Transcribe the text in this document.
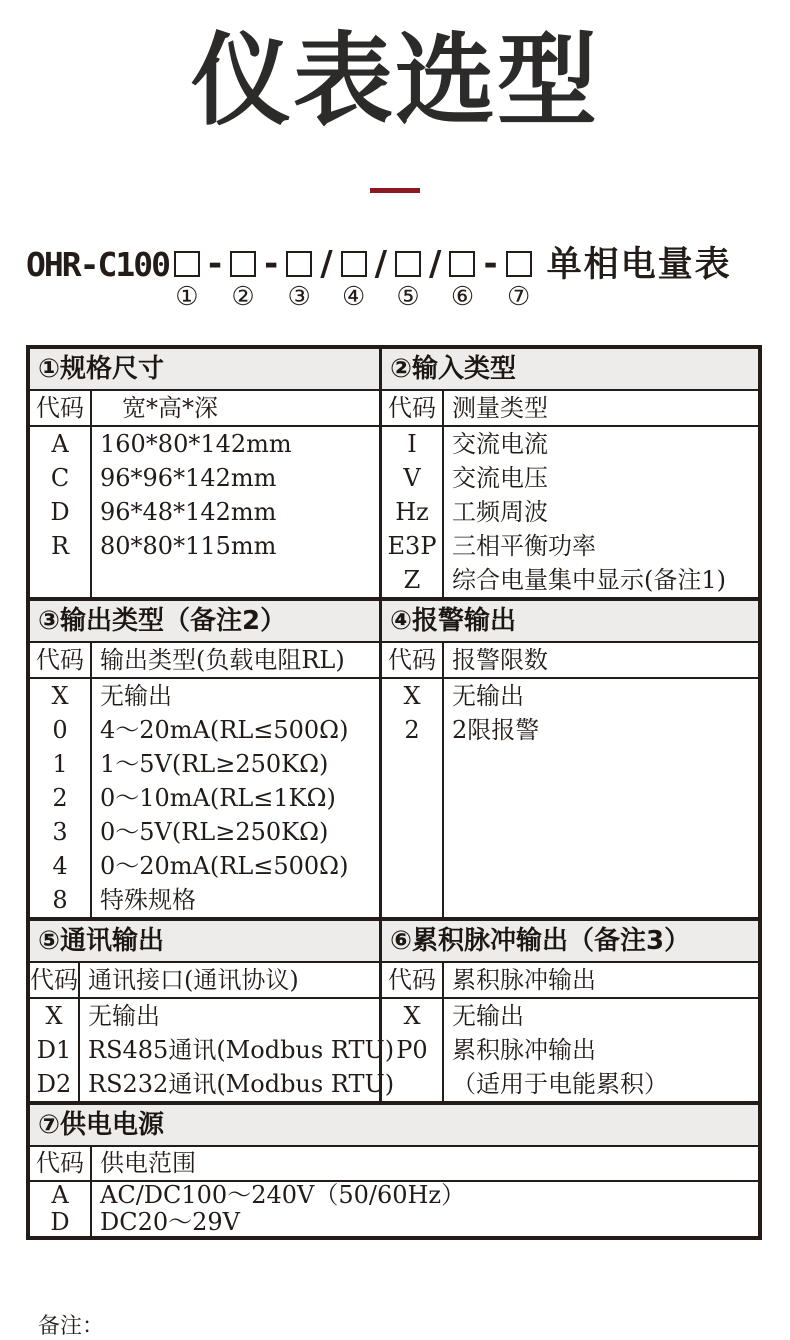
仪表选型
OHR-C100
①
-
②
-
③
/
④
/
⑤
/
⑥
-
⑦
单相电量表
①规格尺寸
代码
A
C
D
R
宽*高*深
160*80*142mm
96*96*142mm
96*48*142mm
80*80*115mm
②输入类型
代码
I
V
Hz
E3P
Z
测量类型
交流电流
交流电压
工频周波
三相平衡功率
综合电量集中显示(备注1)
③输出类型（备注2）
代码
X
0
1
2
3
4
8
输出类型(负载电阻RL)
无输出
4～20mA(RL≤500Ω)
1～5V(RL≥250KΩ)
0～10mA(RL≤1KΩ)
0～5V(RL≥250KΩ)
0～20mA(RL≤500Ω)
特殊规格
④报警输出
代码
X
2
报警限数
无输出
2限报警
⑤通讯输出
代码
X
D1
D2
通讯接口(通讯协议)
无输出
RS485通讯(Modbus RTU)
RS232通讯(Modbus RTU)
⑥累积脉冲输出（备注3）
代码
X
P0
累积脉冲输出
无输出
累积脉冲输出
（适用于电能累积）
⑦供电电源
代码
A
D
供电范围
AC/DC100～240V（50/60Hz）
DC20～29V
备注：
